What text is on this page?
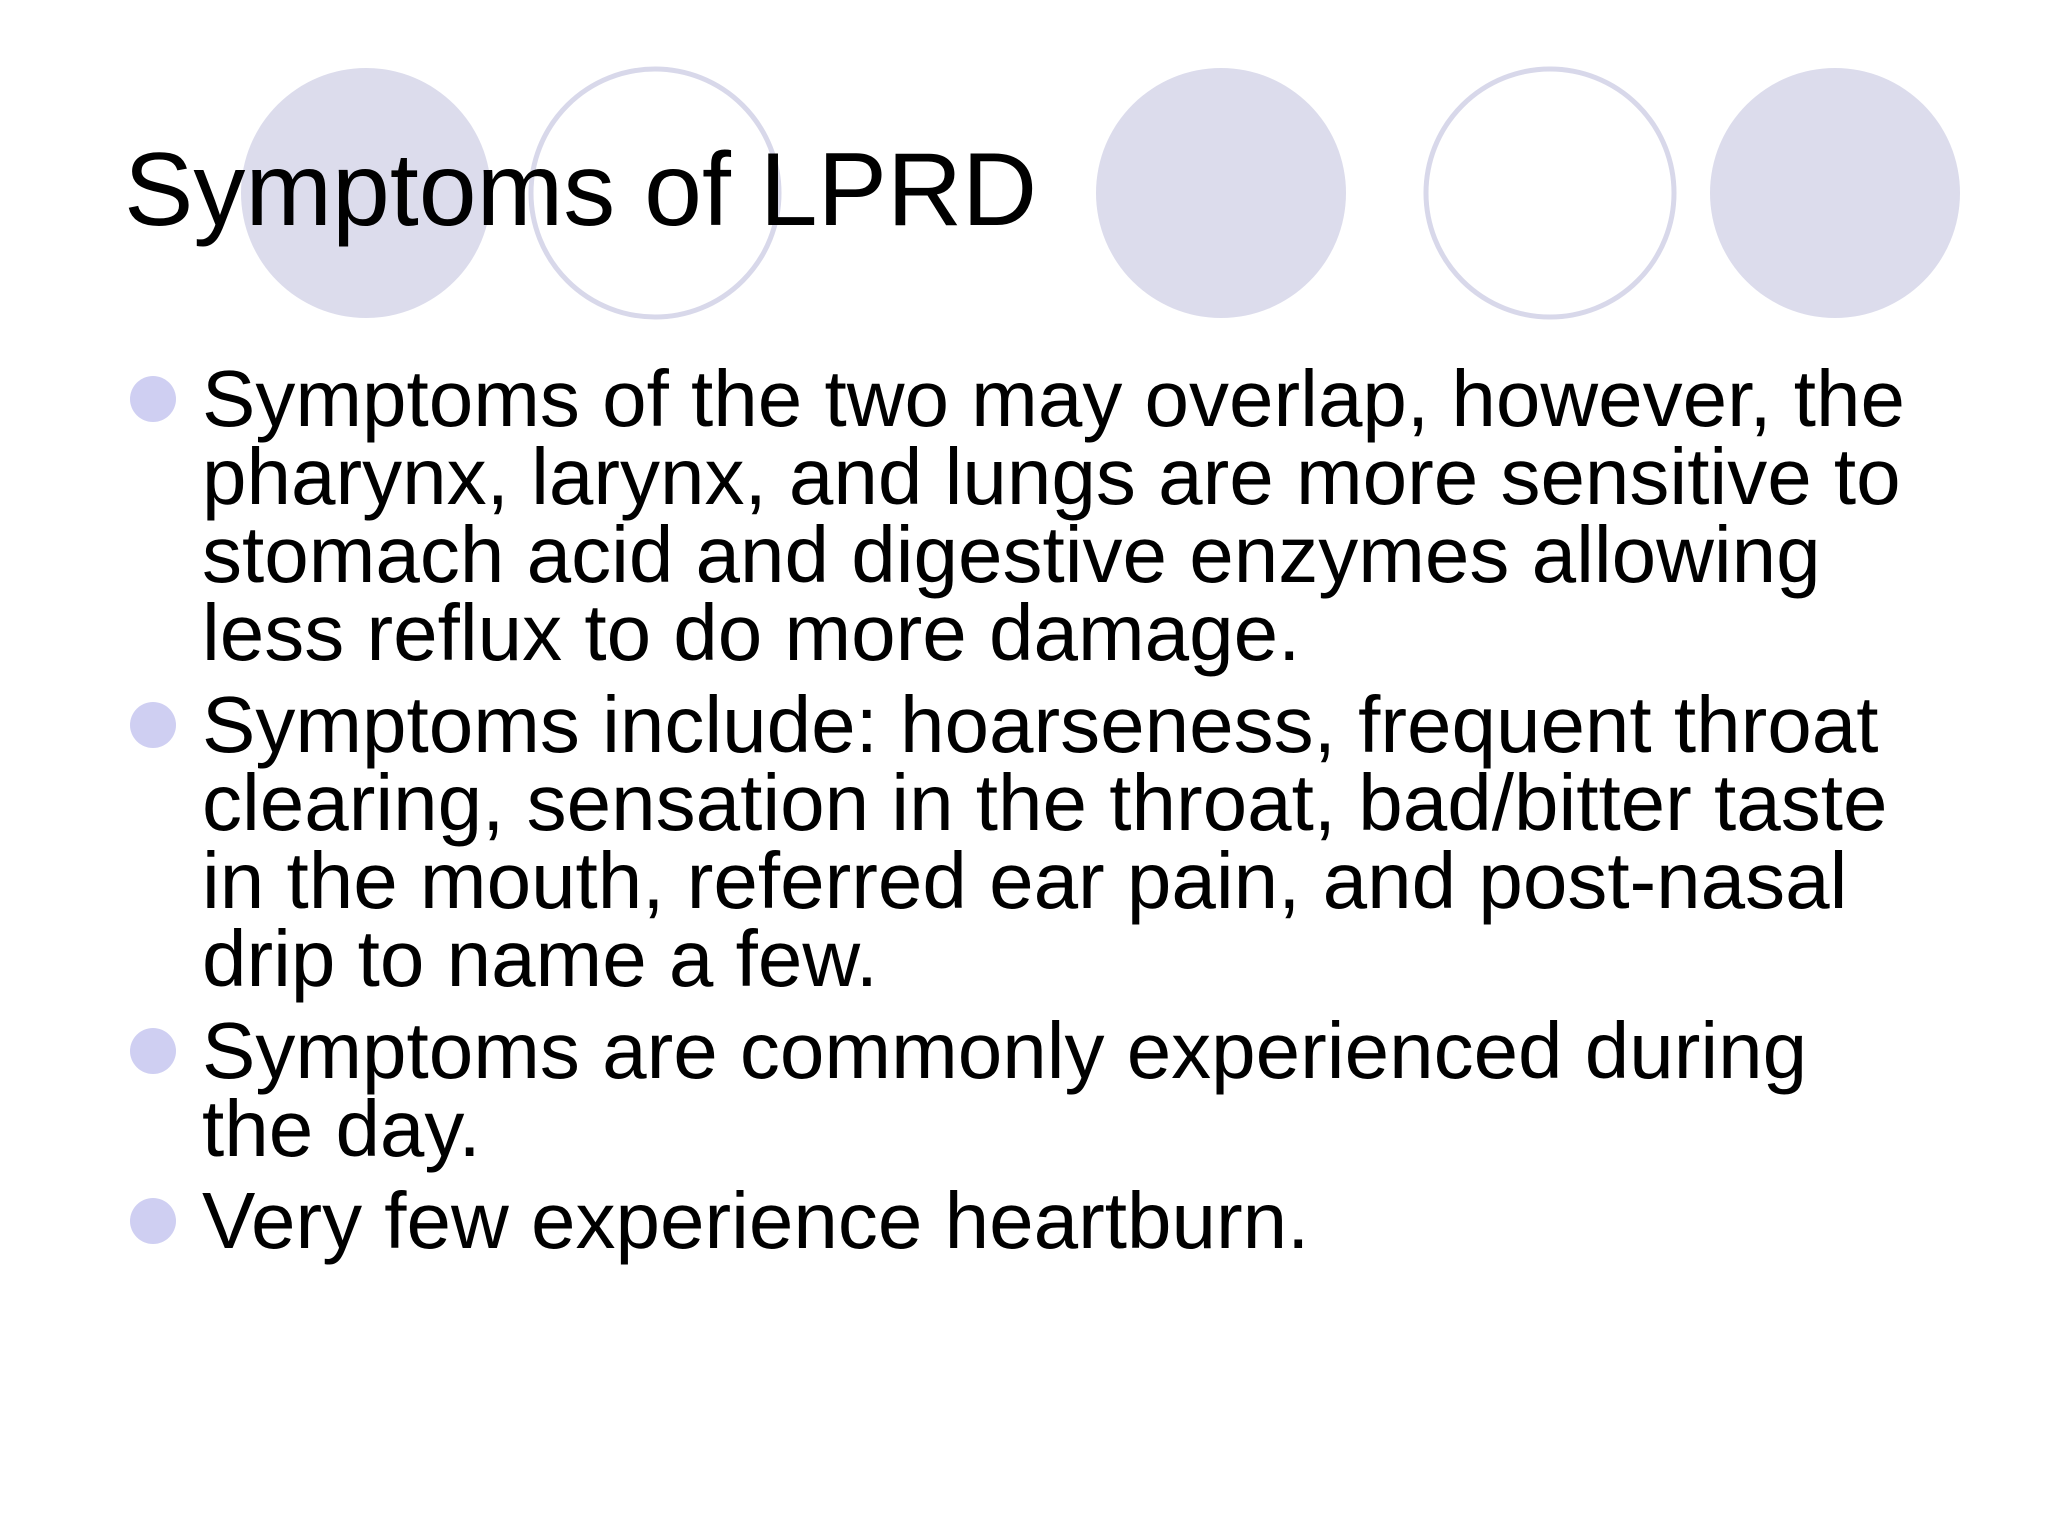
Symptoms of LPRD
Symptoms of the two may overlap, however, the pharynx, larynx, and lungs are more sensitive to stomach acid and digestive enzymes allowing less reflux to do more damage.
Symptoms include: hoarseness, frequent throat clearing, sensation in the throat, bad/bitter taste in the mouth, referred ear pain, and post-nasal drip to name a few.
Symptoms are commonly experienced during the day.
Very few experience heartburn.
